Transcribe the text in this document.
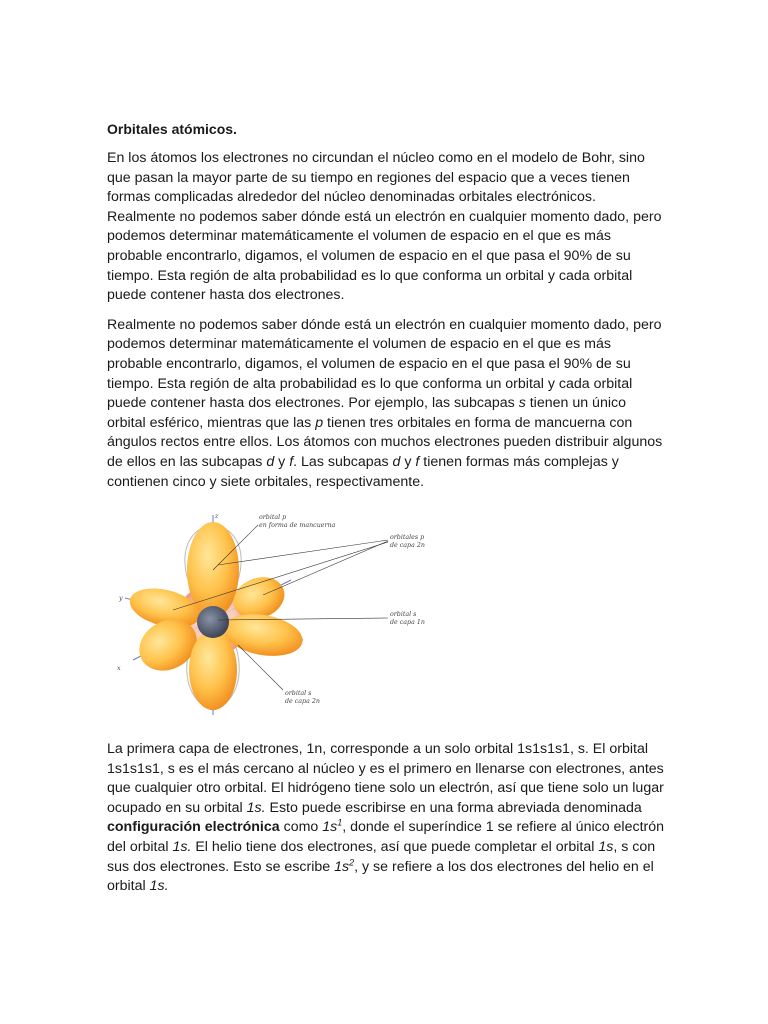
Orbitales atómicos.

En los átomos los electrones no circundan el núcleo como en el modelo de Bohr, sino que pasan la mayor parte de su tiempo en regiones del espacio que a veces tienen formas complicadas alrededor del núcleo denominadas orbitales electrónicos. Realmente no podemos saber dónde está un electrón en cualquier momento dado, pero podemos determinar matemáticamente el volumen de espacio en el que es más probable encontrarlo, digamos, el volumen de espacio en el que pasa el 90% de su tiempo. Esta región de alta probabilidad es lo que conforma un orbital y cada orbital puede contener hasta dos electrones.

Realmente no podemos saber dónde está un electrón en cualquier momento dado, pero podemos determinar matemáticamente el volumen de espacio en el que es más probable encontrarlo, digamos, el volumen de espacio en el que pasa el 90% de su tiempo. Esta región de alta probabilidad es lo que conforma un orbital y cada orbital puede contener hasta dos electrones. Por ejemplo, las subcapas s tienen un único orbital esférico, mientras que las p tienen tres orbitales en forma de mancuerna con ángulos rectos entre ellos. Los átomos con muchos electrones pueden distribuir algunos de ellos en las subcapas d y f. Las subcapas d y f tienen formas más complejas y contienen cinco y siete orbitales, respectivamente.

orbital p
en forma de mancuerna
orbitales p
de capa 2n
orbital s
de capa 1n
orbital s
de capa 2n
z
y
x

La primera capa de electrones, 1n, corresponde a un solo orbital 1s1s1s1, s. El orbital 1s1s1s1, s es el más cercano al núcleo y es el primero en llenarse con electrones, antes que cualquier otro orbital. El hidrógeno tiene solo un electrón, así que tiene solo un lugar ocupado en su orbital 1s. Esto puede escribirse en una forma abreviada denominada configuración electrónica como $1s^1$, donde el superíndice 1 se refiere al único electrón del orbital 1s. El helio tiene dos electrones, así que puede completar el orbital 1s, s con sus dos electrones. Esto se escribe $1s^2$, y se refiere a los dos electrones del helio en el orbital 1s.
